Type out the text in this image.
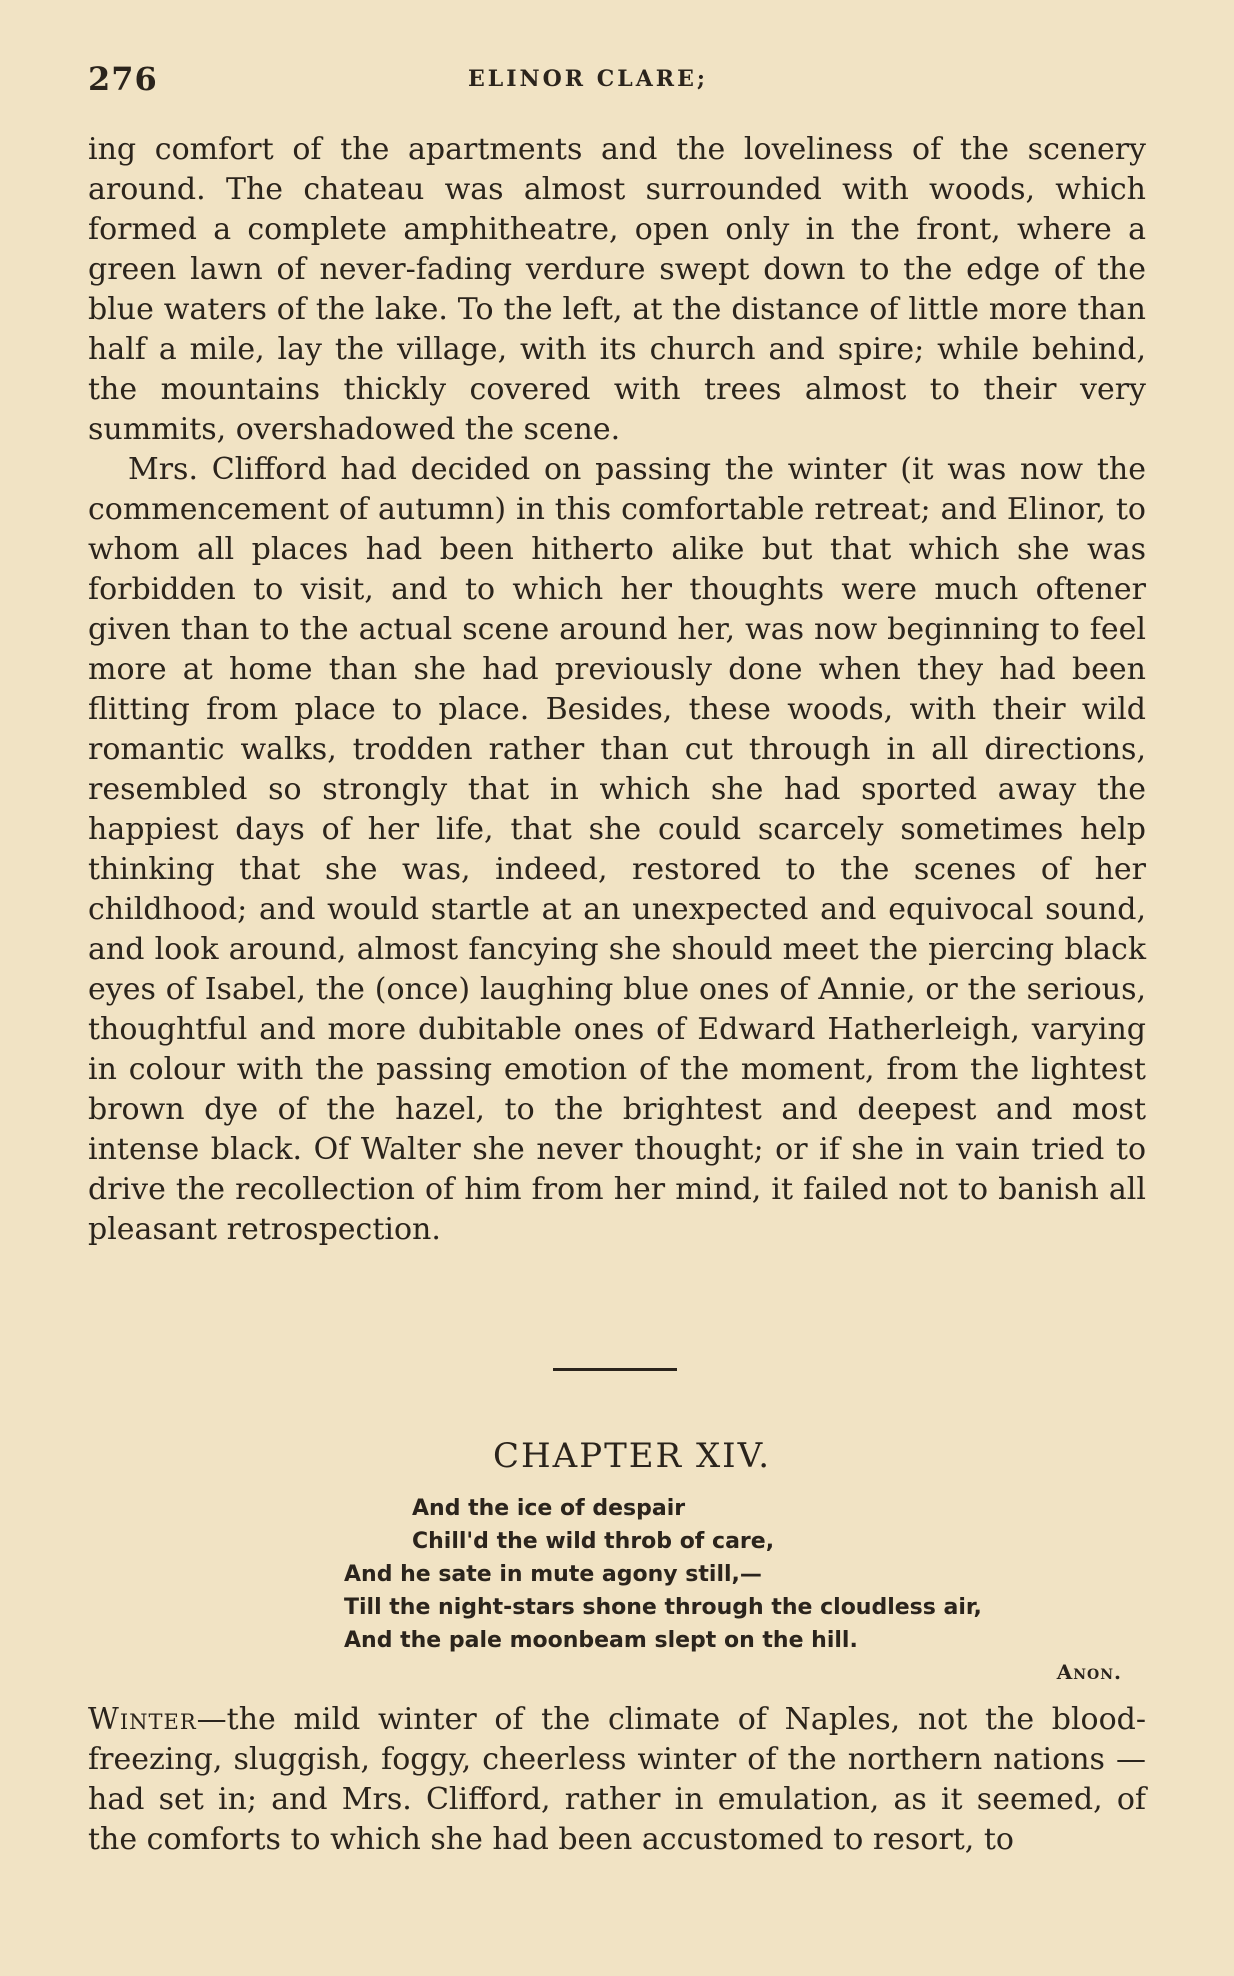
276	ELINOR CLARE;

ing comfort of the apartments and the loveliness of the scenery around. The chateau was almost surrounded with woods, which formed a complete amphitheatre, open only in the front, where a green lawn of never-fading verdure swept down to the edge of the blue waters of the lake. To the left, at the distance of little more than half a mile, lay the village, with its church and spire; while behind, the mountains thickly covered with trees almost to their very summits, overshadowed the scene.

Mrs. Clifford had decided on passing the winter (it was now the commencement of autumn) in this comfortable retreat; and Elinor, to whom all places had been hitherto alike but that which she was forbidden to visit, and to which her thoughts were much oftener given than to the actual scene around her, was now beginning to feel more at home than she had previously done when they had been flitting from place to place. Besides, these woods, with their wild romantic walks, trodden rather than cut through in all directions, resembled so strongly that in which she had sported away the happiest days of her life, that she could scarcely sometimes help thinking that she was, indeed, restored to the scenes of her childhood; and would startle at an unexpected and equivocal sound, and look around, almost fancying she should meet the piercing black eyes of Isabel, the (once) laughing blue ones of Annie, or the serious, thoughtful and more dubitable ones of Edward Hatherleigh, varying in colour with the passing emotion of the moment, from the lightest brown dye of the hazel, to the brightest and deepest and most intense black. Of Walter she never thought; or if she in vain tried to drive the recollection of him from her mind, it failed not to banish all pleasant retrospection.

CHAPTER XIV.
And the ice of despair
Chill'd the wild throb of care,
And he sate in mute agony still,—
Till the night-stars shone through the cloudless air,
And the pale moonbeam slept on the hill.
Anon.

Winter—the mild winter of the climate of Naples, not the blood-freezing, sluggish, foggy, cheerless winter of the northern nations —had set in; and Mrs. Clifford, rather in emulation, as it seemed, of the comforts to which she had been accustomed to resort, to
